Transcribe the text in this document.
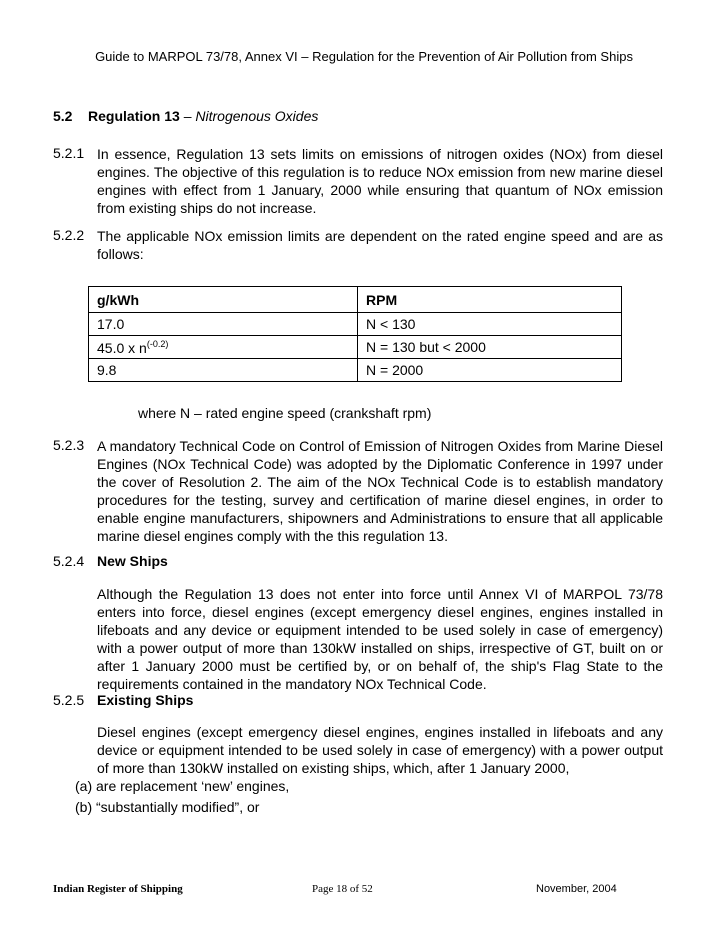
Guide to MARPOL 73/78, Annex VI – Regulation for the Prevention of Air Pollution from Ships
5.2 Regulation 13 – Nitrogenous Oxides
5.2.1 In essence, Regulation 13 sets limits on emissions of nitrogen oxides (NOx) from diesel engines. The objective of this regulation is to reduce NOx emission from new marine diesel engines with effect from 1 January, 2000 while ensuring that quantum of NOx emission from existing ships do not increase.
5.2.2 The applicable NOx emission limits are dependent on the rated engine speed and are as follows:
g/kWh	RPM
17.0	N < 130
45.0 x $n^{(-0.2)}$	N = 130 but < 2000
9.8	N = 2000
where N – rated engine speed (crankshaft rpm)
5.2.3 A mandatory Technical Code on Control of Emission of Nitrogen Oxides from Marine Diesel Engines (NOx Technical Code) was adopted by the Diplomatic Conference in 1997 under the cover of Resolution 2. The aim of the NOx Technical Code is to establish mandatory procedures for the testing, survey and certification of marine diesel engines, in order to enable engine manufacturers, shipowners and Administrations to ensure that all applicable marine diesel engines comply with the this regulation 13.
5.2.4 New Ships
Although the Regulation 13 does not enter into force until Annex VI of MARPOL 73/78 enters into force, diesel engines (except emergency diesel engines, engines installed in lifeboats and any device or equipment intended to be used solely in case of emergency) with a power output of more than 130kW installed on ships, irrespective of GT, built on or after 1 January 2000 must be certified by, or on behalf of, the ship's Flag State to the requirements contained in the mandatory NOx Technical Code.
5.2.5 Existing Ships
Diesel engines (except emergency diesel engines, engines installed in lifeboats and any device or equipment intended to be used solely in case of emergency) with a power output of more than 130kW installed on existing ships, which, after 1 January 2000,
(a) are replacement ‘new’ engines,
(b) “substantially modified”, or
Indian Register of Shipping	Page 18 of 52	November, 2004
